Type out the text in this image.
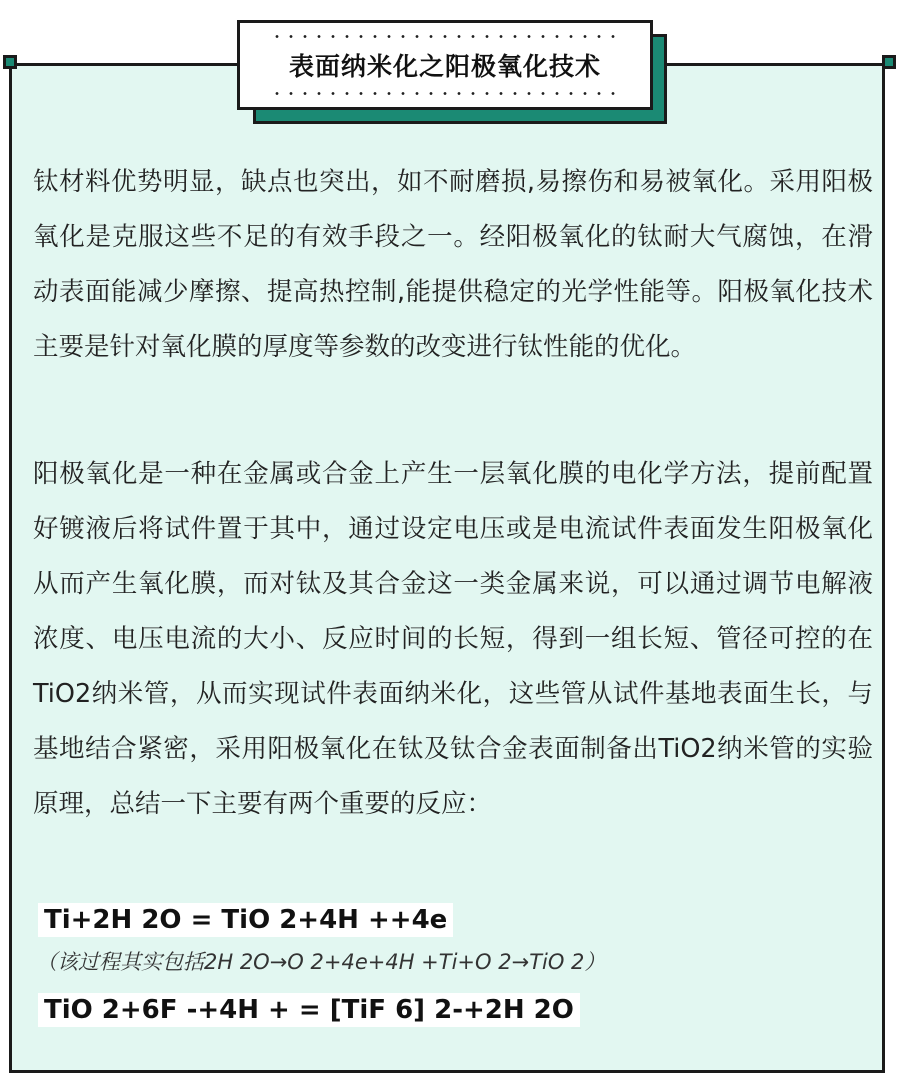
表面纳米化之阳极氧化技术

钛材料优势明显，缺点也突出，如不耐磨损,易擦伤和易被氧化。采用阳极氧化是克服这些不足的有效手段之一。经阳极氧化的钛耐大气腐蚀，在滑动表面能减少摩擦、提高热控制,能提供稳定的光学性能等。阳极氧化技术主要是针对氧化膜的厚度等参数的改变进行钛性能的优化。

阳极氧化是一种在金属或合金上产生一层氧化膜的电化学方法，提前配置好镀液后将试件置于其中，通过设定电压或是电流试件表面发生阳极氧化从而产生氧化膜，而对钛及其合金这一类金属来说，可以通过调节电解液浓度、电压电流的大小、反应时间的长短，得到一组长短、管径可控的在TiO2纳米管，从而实现试件表面纳米化，这些管从试件基地表面生长，与基地结合紧密，采用阳极氧化在钛及钛合金表面制备出TiO2纳米管的实验原理，总结一下主要有两个重要的反应：

Ti+2H 2O = TiO 2+4H ++4e
（该过程其实包括2H 2O→O 2+4e+4H +Ti+O 2→TiO 2）
TiO 2+6F -+4H + = [TiF 6] 2-+2H 2O
